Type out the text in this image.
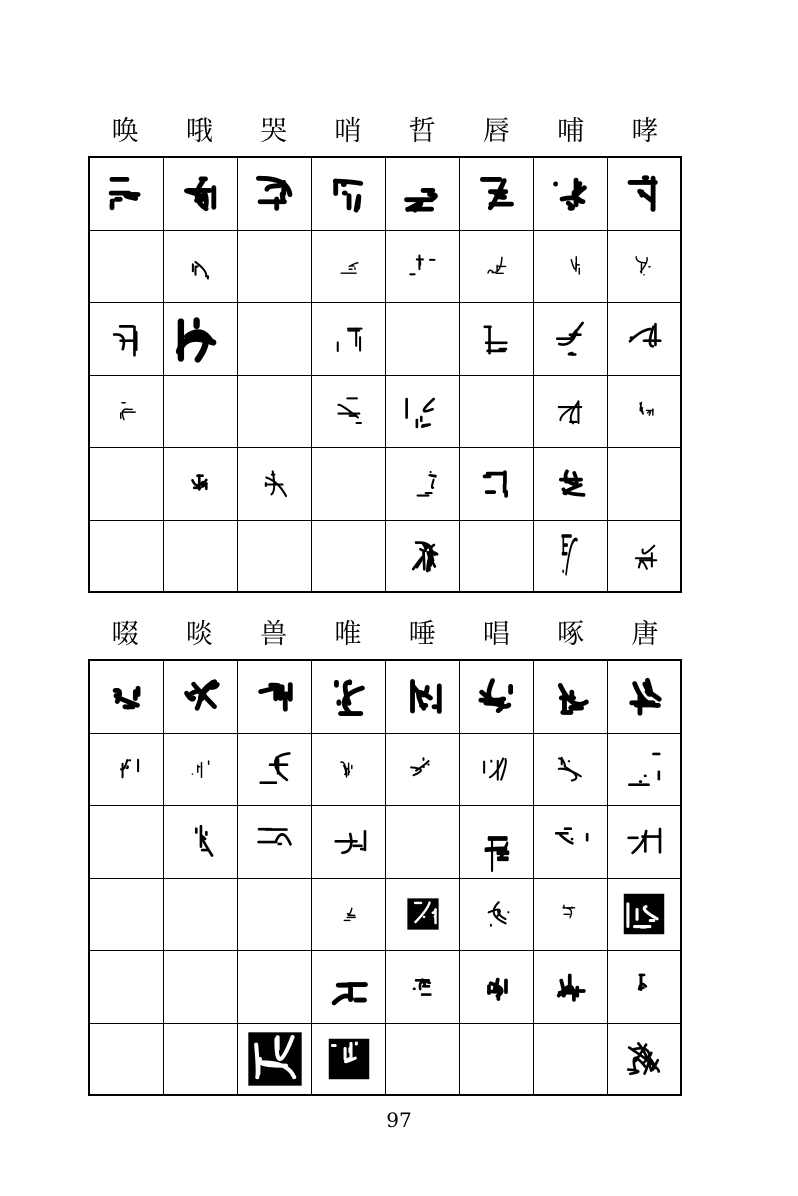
唤	哦	哭	哨	哲	唇	哺	哮
啜	啖	兽	唯	唾	唱	啄	唐
97
